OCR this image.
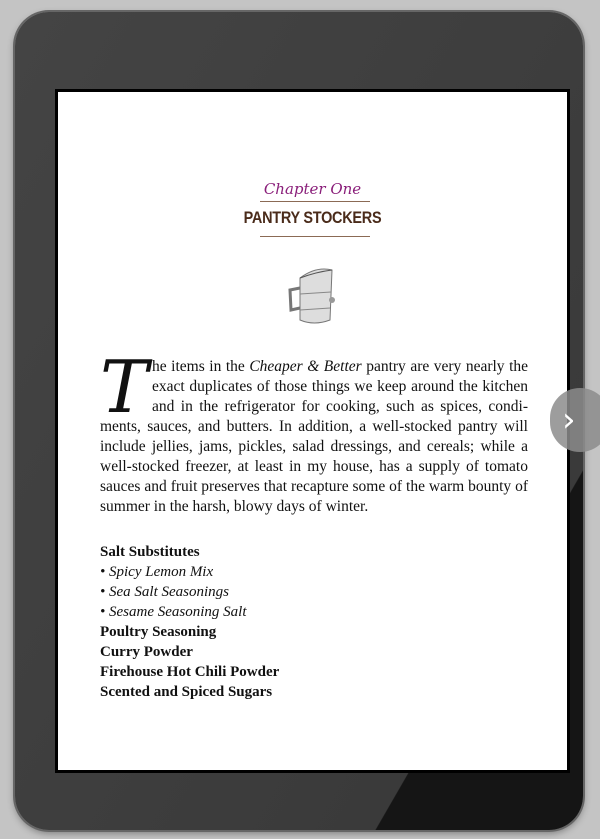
Chapter One
PANTRY STOCKERS
The items in the Cheaper & Better pantry are very nearly the exact duplicates of those things we keep around the kitchen and in the refrigerator for cooking, such as spices, condiments, sauces, and butters. In addition, a well-stocked pantry will include jellies, jams, pickles, salad dressings, and cereals; while a well-stocked freezer, at least in my house, has a supply of tomato sauces and fruit preserves that recapture some of the warm bounty of summer in the harsh, blowy days of winter.
Salt Substitutes
• Spicy Lemon Mix
• Sea Salt Seasonings
• Sesame Seasoning Salt
Poultry Seasoning
Curry Powder
Firehouse Hot Chili Powder
Scented and Spiced Sugars
›
